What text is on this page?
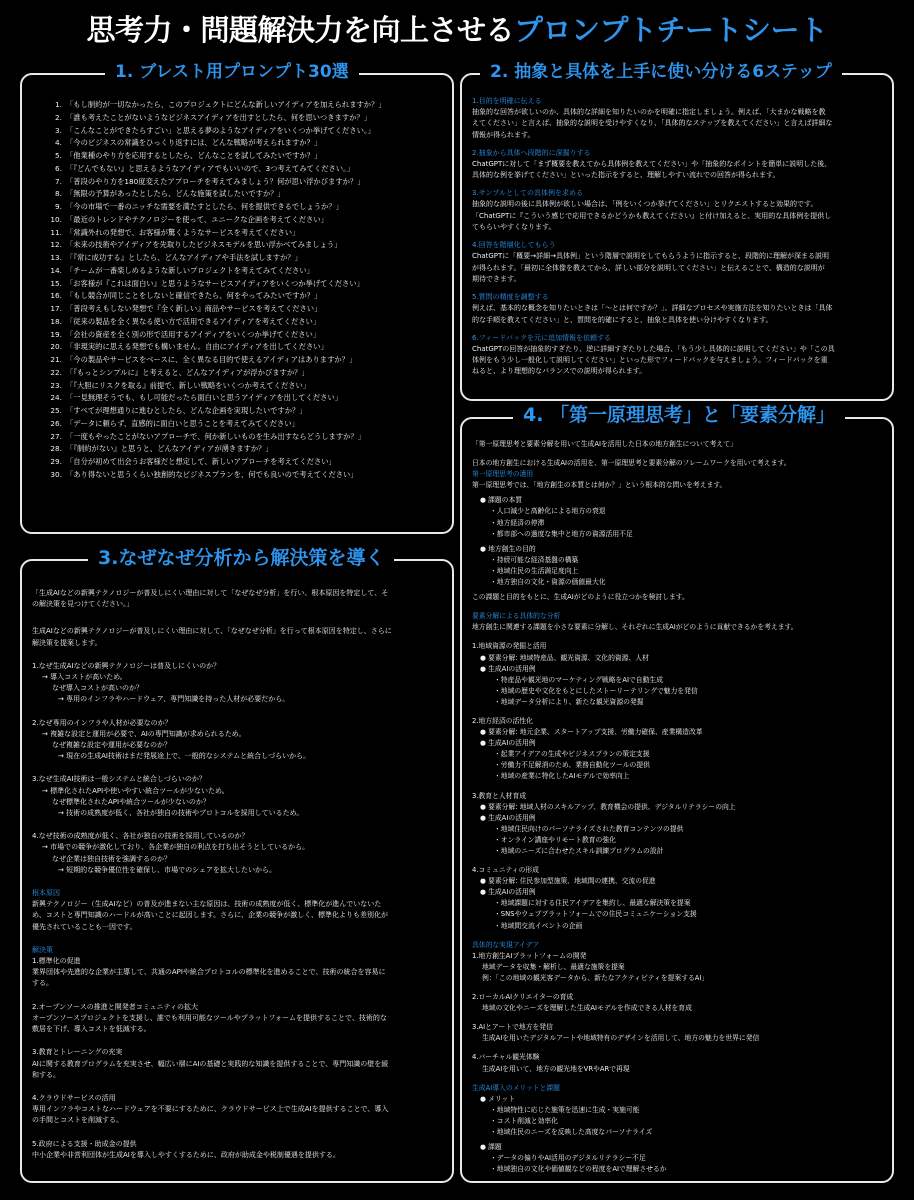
思考力・問題解決力を向上させるプロンプトチートシート
1. 「もし制約が一切なかったら、このプロジェクトにどんな新しいアイディアを加えられますか？」
2. 「誰も考えたことがないようなビジネスアイディアを出すとしたら、何を思いつきますか？」
3. 「こんなことができたらすごい」と思える夢のようなアイディアをいくつか挙げてください。」
4. 「今のビジネスの常識をひっくり返すには、どんな戦略が考えられますか？」
5. 「他業種のやり方を応用するとしたら、どんなことを試してみたいですか？」
6. 「『どんでもない』と思えるようなアイディアでもいいので、3つ考えてみてください。」
7. 「普段のやり方を180度変えたアプローチを考えてみましょう？何が思い浮かびますか？」
8. 「無限の予算があったとしたら、どんな施策を試したいですか？」
9. 「今の市場で一番のニッチな需要を満たすとしたら、何を提供できるでしょうか？」
10. 「最近のトレンドやテクノロジーを使って、ユニークな企画を考えてください」
11. 「常識外れの発想で、お客様が驚くようなサービスを考えてください」
12. 「未来の技術やアイディアを先取りしたビジネスモデルを思い浮かべてみましょう」
13. 「『常に成功する』としたら、どんなアイディアや手法を試しますか？」
14. 「チームが一番楽しめるような新しいプロジェクトを考えてみてください」
15. 「お客様が『これは面白い』と思うようなサービスアイディアをいくつか挙げてください」
16. 「もし競合が同じことをしないと確信できたら、何をやってみたいですか？」
17. 「普段考えもしない発想で『全く新しい』商品やサービスを考えてください」
18. 「従来の製品を全く異なる使い方で活用できるアイディアを考えてください」
19. 「会社の資産を全く別の形で活用するアイディアをいくつか挙げてください」
20. 「非現実的に思える発想でも構いません。自由にアイディアを出してください」
21. 「今の製品やサービスをベースに、全く異なる目的で使えるアイディアはありますか？」
22. 「『もっとシンプルに』と考えると、どんなアイディアが浮かびますか？」
23. 「『大胆にリスクを取る』前提で、新しい戦略をいくつか考えてください」
24. 「一見無理そうでも、もし可能だったら面白いと思うアイディアを出してください」
25. 「すべてが理想通りに進むとしたら、どんな企画を実現したいですか？」
26. 「データに頼らず、直感的に面白いと思うことを考えてみてください」
27. 「一度もやったことがないアプローチで、何か新しいものを生み出すならどうしますか？」
28. 「『制約がない』と思うと、どんなアイディアが湧きますか？」
29. 「自分が初めて出会うお客様だと想定して、新しいアプローチを考えてください」
30. 「あり得ないと思うくらい独創的なビジネスプランを、何でも良いので考えてください」
1. ブレスト用プロンプト30選
1.目的を明確に伝える
抽象的な回答が欲しいのか、具体的な詳細を知りたいのかを明確に指定しましょう。例えば、「大まかな戦略を教
えてください」と言えば、抽象的な説明を受けやすくなり、「具体的なステップを教えてください」と言えば詳細な
情報が得られます。
2.抽象から具体へ段階的に深掘りする
ChatGPTに対して「まず概要を教えてから具体例を教えてください」や「抽象的なポイントを簡単に説明した後、
具体的な例を挙げてください」といった指示をすると、理解しやすい流れでの回答が得られます。
3.サンプルとしての具体例を求める
抽象的な説明の後に具体例が欲しい場合は、「例をいくつか挙げてください」とリクエストすると効果的です。
「ChatGPTに『こういう感じで応用できるかどうかも教えてください』と付け加えると、実用的な具体例を提供し
てもらいやすくなります。
4.回答を階層化してもらう
ChatGPTに「概要→詳細→具体例」という階層で説明をしてもらうように指示すると、段階的に理解が深まる説明
が得られます。「最初に全体像を教えてから、詳しい部分を説明してください」と伝えることで、構造的な説明が
期待できます。
5.質問の精度を調整する
例えば、基本的な概念を知りたいときは「〜とは何ですか？」、詳細なプロセスや実施方法を知りたいときは「具体
的な手順を教えてください」と、質問を的確にすると、抽象と具体を使い分けやすくなります。
6.フィードバックを元に追加情報を依頼する
ChatGPTの回答が抽象的すぎたり、逆に詳細すぎたりした場合、「もう少し具体的に説明してください」や「この具
体例をもう少し一般化して説明してください」といった形でフィードバックを与えましょう。フィードバックを重
ねると、より理想的なバランスでの説明が得られます。
2. 抽象と具体を上手に使い分ける6ステップ
「生成AIなどの新興テクノロジーが普及しにくい理由に対して「なぜなぜ分析」を行い、根本原因を特定して、そ
の解決策を見つけてください。」
生成AIなどの新興テクノロジーが普及しにくい理由に対して、「なぜなぜ分析」を行って根本原因を特定し、さらに
解決策を提案します。
1.なぜ生成AIなどの新興テクノロジーは普及しにくいのか？
→ 導入コストが高いため。
なぜ導入コストが高いのか？
→ 専用のインフラやハードウェア、専門知識を持った人材が必要だから。
2.なぜ専用のインフラや人材が必要なのか？
→ 複雑な設定と運用が必要で、AIの専門知識が求められるため。
なぜ複雑な設定や運用が必要なのか？
→ 現在の生成AI技術はまだ発展途上で、一般的なシステムと統合しづらいから。
3.なぜ生成AI技術は一般システムと統合しづらいのか？
→ 標準化されたAPIや使いやすい統合ツールが少ないため。
なぜ標準化されたAPIや統合ツールが少ないのか？
→ 技術の成熟度が低く、各社が独自の技術やプロトコルを採用しているため。
4.なぜ技術の成熟度が低く、各社が独自の技術を採用しているのか？
→ 市場での競争が激化しており、各企業が独自の利点を打ち出そうとしているから。
なぜ企業は独自技術を強調するのか？
→ 短期的な競争優位性を確保し、市場でのシェアを拡大したいから。
根本原因
新興テクノロジー（生成AIなど）の普及が進まない主な原因は、技術の成熟度が低く、標準化が進んでいないた
め、コストと専門知識のハードルが高いことに起因します。さらに、企業の競争が激しく、標準化よりも差別化が
優先されていることも一因です。
解決策
1.標準化の促進
業界団体や先進的な企業が主導して、共通のAPIや統合プロトコルの標準化を進めることで、技術の統合を容易に
する。
2.オープンソースの推進と開発者コミュニティの拡大
オープンソースプロジェクトを支援し、誰でも利用可能なツールやプラットフォームを提供することで、技術的な
敷居を下げ、導入コストを低減する。
3.教育とトレーニングの充実
AIに関する教育プログラムを充実させ、幅広い層にAIの基礎と実践的な知識を提供することで、専門知識の壁を緩
和する。
4.クラウドサービスの活用
専用インフラやコストなハードウェアを不要にするために、クラウドサービス上で生成AIを提供することで、導入
の手間とコストを削減する。
5.政府による支援・助成金の提供
中小企業や非営利団体が生成AIを導入しやすくするために、政府が助成金や税制優遇を提供する。
3.なぜなぜ分析から解決策を導く
「第一原理思考と要素分解を用いて生成AIを活用した日本の地方創生について考えて」
日本の地方創生における生成AIの活用を、第一原理思考と要素分解のフレームワークを用いて考えます。
第一原理思考の適用
第一原理思考では、「地方創生の本質とは何か？」という根本的な問いを考えます。
● 課題の本質
・人口減少と高齢化による地方の衰退
・地方経済の停滞
・都市部への過度な集中と地方の資源活用不足
● 地方創生の目的
・持続可能な経済基盤の構築
・地域住民の生活満足度向上
・地方独自の文化・資源の価値最大化
この課題と目的をもとに、生成AIがどのように役立つかを検討します。
要素分解による具体的な分析
地方創生に関連する課題を小さな要素に分解し、それぞれに生成AIがどのように貢献できるかを考えます。
1.地域資源の発掘と活用
● 要素分解: 地域特産品、観光資源、文化的資源、人材
● 生成AIの活用例
・特産品や観光地のマーケティング戦略をAIで自動生成
・地域の歴史や文化をもとにしたストーリーテリングで魅力を発信
・地域データ分析により、新たな観光資源の発掘
2.地方経済の活性化
● 要素分解: 地元企業、スタートアップ支援、労働力確保、産業構造改革
● 生成AIの活用例
・起業アイデアの生成やビジネスプランの策定支援
・労働力不足解消のため、業務自動化ツールの提供
・地域の産業に特化したAIモデルで効率向上
3.教育と人材育成
● 要素分解: 地域人材のスキルアップ、教育機会の提供、デジタルリテラシーの向上
● 生成AIの活用例
・地域住民向けのパーソナライズされた教育コンテンツの提供
・オンライン講座やリモート教育の強化
・地域のニーズに合わせたスキル訓練プログラムの設計
4.コミュニティの形成
● 要素分解: 住民参加型施策、地域間の連携、交流の促進
● 生成AIの活用例
・地域課題に対する住民アイデアを集約し、最適な解決策を提案
・SNSやウェブプラットフォームでの住民コミュニケーション支援
・地域間交流イベントの企画
具体的な実現アイデア
1.地方創生AIプラットフォームの開発
地域データを収集・解析し、最適な施策を提案
例：「この地域の観光客データから、新たなアクティビティを提案するAI」
2.ローカルAIクリエイターの育成
地域の文化やニーズを理解した生成AIモデルを作成できる人材を育成
3.AIとアートで地方を発信
生成AIを用いたデジタルアートや地域特有のデザインを活用して、地方の魅力を世界に発信
4.バーチャル観光体験
生成AIを用いて、地方の観光地をVRやARで再現
生成AI導入のメリットと課題
● メリット
・地域特性に応じた施策を迅速に生成・実施可能
・コスト削減と効率化
・地域住民のニーズを反映した高度なパーソナライズ
● 課題
・データの偏りやAI活用のデジタルリテラシー不足
・地域独自の文化や価値観などの程度をAIで理解させるか
4. 「第一原理思考」と「要素分解」
